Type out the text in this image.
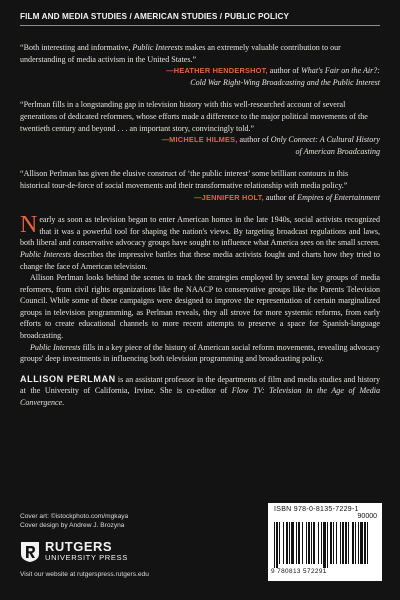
FILM AND MEDIA STUDIES / AMERICAN STUDIES / PUBLIC POLICY

“Both interesting and informative, Public Interests makes an extremely valuable contribution to our understanding of media activism in the United States.”

—HEATHER HENDERSHOT, author of What's Fair on the Air?:

Cold War Right-Wing Broadcasting and the Public Interest

“Perlman fills in a longstanding gap in television history with this well-researched account of several generations of dedicated reformers, whose efforts made a difference to the major political movements of the twentieth century and beyond . . . an important story, convincingly told.”

—MICHELE HILMES, author of Only Connect: A Cultural History

of American Broadcasting

“Allison Perlman has given the elusive construct of ‘the public interest’ some brilliant contours in this historical tour-de-force of social movements and their transformative relationship with media policy.”

—JENNIFER HOLT, author of Empires of Entertainment

Nearly as soon as television began to enter American homes in the late 1940s, social activists recognized that it was a powerful tool for shaping the nation's views. By targeting broadcast regulations and laws, both liberal and conservative advocacy groups have sought to influence what America sees on the small screen. Public Interests describes the impressive battles that these media activists fought and charts how they tried to change the face of American television.

Allison Perlman looks behind the scenes to track the strategies employed by several key groups of media reformers, from civil rights organizations like the NAACP to conservative groups like the Parents Television Council. While some of these campaigns were designed to improve the representation of certain marginalized groups in television programming, as Perlman reveals, they all strove for more systemic reforms, from early efforts to create educational channels to more recent attempts to preserve a space for Spanish-language broadcasting.

Public Interests fills in a key piece of the history of American social reform movements, revealing advocacy groups' deep investments in influencing both television programming and broadcasting policy.

ALLISON PERLMAN is an assistant professor in the departments of film and media studies and history at the University of California, Irvine. She is co-editor of Flow TV: Television in the Age of Media Convergence.

Cover art: ©istockphoto.com/mgkaya
Cover design by Andrew J. Brozyna
RUTGERS
UNIVERSITY PRESS
Visit our website at rutgerspress.rutgers.edu
ISBN 978-0-8135-7229-1
90000
9 780813 572291
